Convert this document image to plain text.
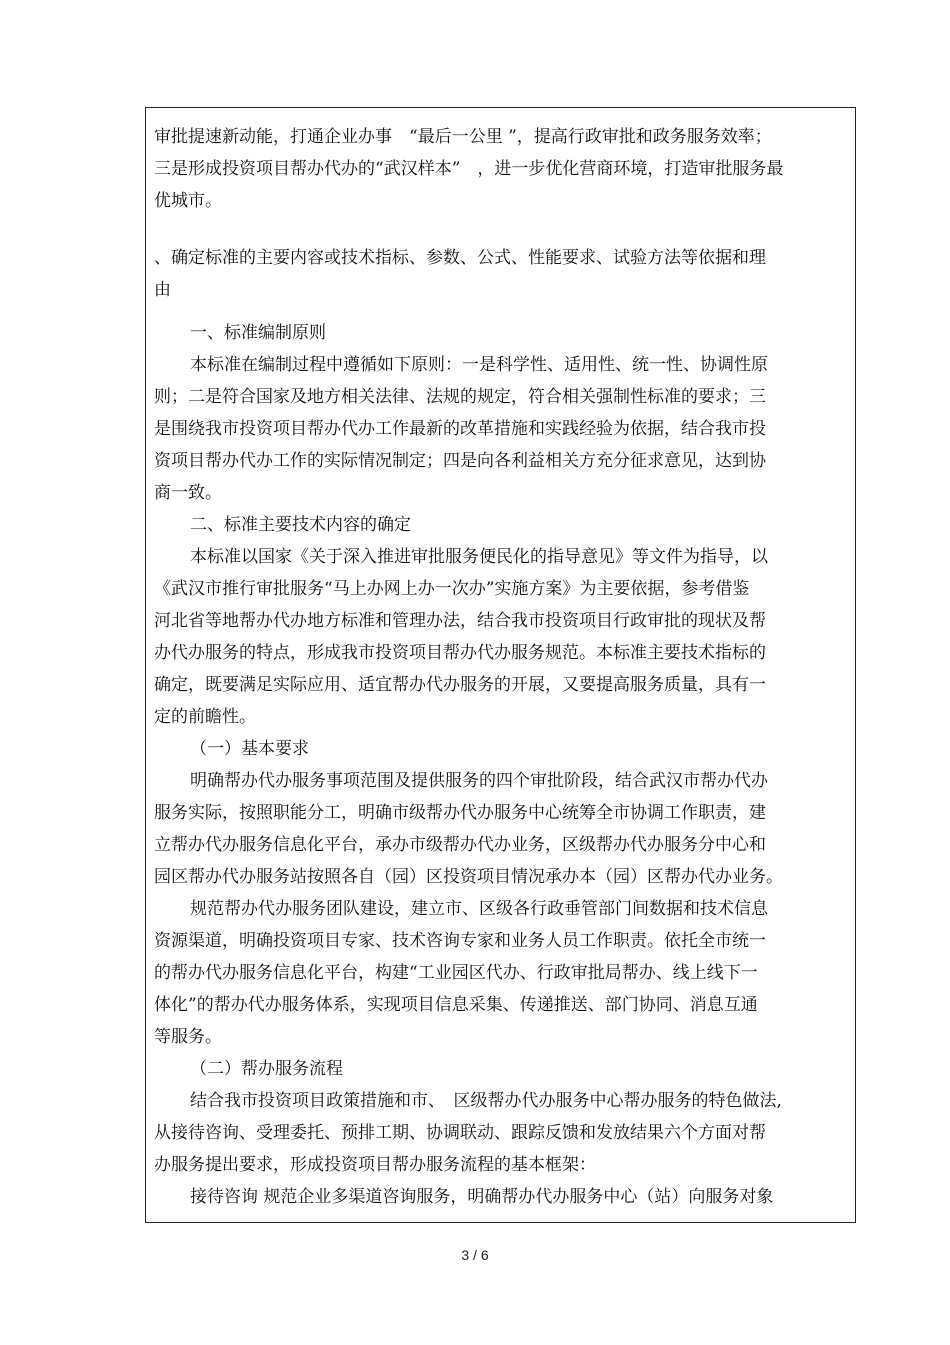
审批提速新动能，打通企业办事　“最后一公里 ”，提高行政审批和政务服务效率；
三是形成投资项目帮办代办的“武汉样本”　，进一步优化营商环境，打造审批服务最
优城市。
、确定标准的主要内容或技术指标、参数、公式、性能要求、试验方法等依据和理
由
一、标准编制原则
本标准在编制过程中遵循如下原则：一是科学性、适用性、统一性、协调性原
则；二是符合国家及地方相关法律、法规的规定，符合相关强制性标准的要求；三
是围绕我市投资项目帮办代办工作最新的改革措施和实践经验为依据，结合我市投
资项目帮办代办工作的实际情况制定；四是向各利益相关方充分征求意见，达到协
商一致。
二、标准主要技术内容的确定
本标准以国家《关于深入推进审批服务便民化的指导意见》等文件为指导，以
《武汉市推行审批服务“马上办网上办一次办”实施方案》为主要依据，参考借鉴
河北省等地帮办代办地方标准和管理办法，结合我市投资项目行政审批的现状及帮
办代办服务的特点，形成我市投资项目帮办代办服务规范。本标准主要技术指标的
确定，既要满足实际应用、适宜帮办代办服务的开展，又要提高服务质量，具有一
定的前瞻性。
（一）基本要求
明确帮办代办服务事项范围及提供服务的四个审批阶段，结合武汉市帮办代办
服务实际，按照职能分工，明确市级帮办代办服务中心统筹全市协调工作职责，建
立帮办代办服务信息化平台，承办市级帮办代办业务，区级帮办代办服务分中心和
园区帮办代办服务站按照各自（园）区投资项目情况承办本（园）区帮办代办业务。
规范帮办代办服务团队建设，建立市、区级各行政垂管部门间数据和技术信息
资源渠道，明确投资项目专家、技术咨询专家和业务人员工作职责。依托全市统一
的帮办代办服务信息化平台，构建“工业园区代办、行政审批局帮办、线上线下一
体化”的帮办代办服务体系，实现项目信息采集、传递推送、部门协同、消息互通
等服务。
（二）帮办服务流程
结合我市投资项目政策措施和市、　区级帮办代办服务中心帮办服务的特色做法,
从接待咨询、受理委托、预排工期、协调联动、跟踪反馈和发放结果六个方面对帮
办服务提出要求，形成投资项目帮办服务流程的基本框架：
接待咨询 规范企业多渠道咨询服务，明确帮办代办服务中心（站）向服务对象
3 / 6
